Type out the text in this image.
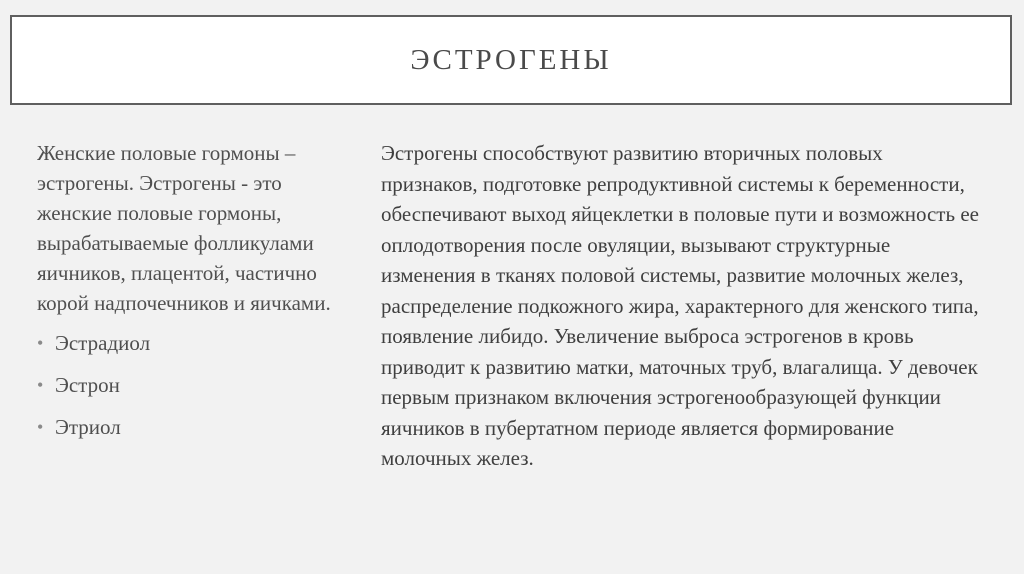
ЭСТРОГЕНЫ

Женские половые гормоны – эстрогены. Эстрогены - это женские половые гормоны, вырабатываемые фолликулами яичников, плацентой, частично корой надпочечников и яичками.

• Эстрадиол
• Эстрон
• Этриол

Эстрогены способствуют развитию вторичных половых признаков, подготовке репродуктивной системы к беременности, обеспечивают выход яйцеклетки в половые пути и возможность ее оплодотворения после овуляции, вызывают структурные изменения в тканях половой системы, развитие молочных желез, распределение подкожного жира, характерного для женского типа, появление либидо. Увеличение выброса эстрогенов в кровь приводит к развитию матки, маточных труб, влагалища. У девочек первым признаком включения эстрогенообразующей функции яичников в пубертатном периоде является формирование молочных желез.
